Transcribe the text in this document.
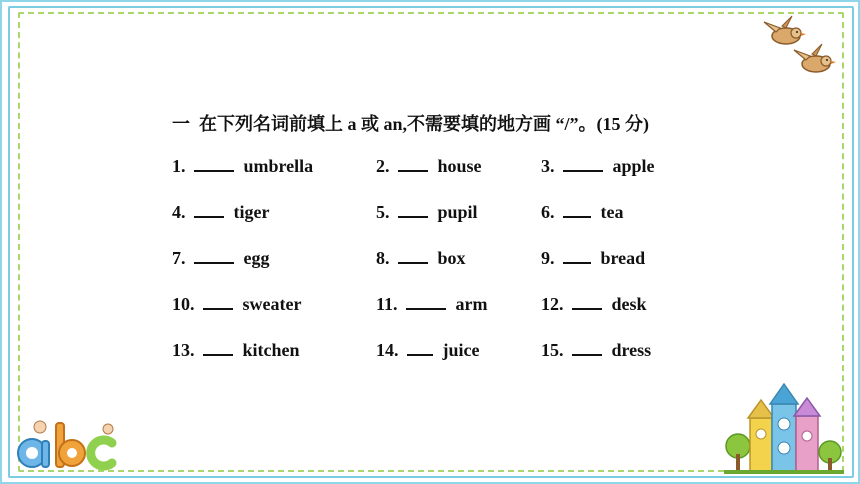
一 在下列名词前填上 a 或 an,不需要填的地方画 “/”。(15 分)
1.	umbrella	2.	house	3.	apple
4.	tiger	5.	pupil	6.	tea
7.	egg	8.	box	9.	bread
10.	sweater	11.	arm	12.	desk
13.	kitchen	14. juice	15.	dress
